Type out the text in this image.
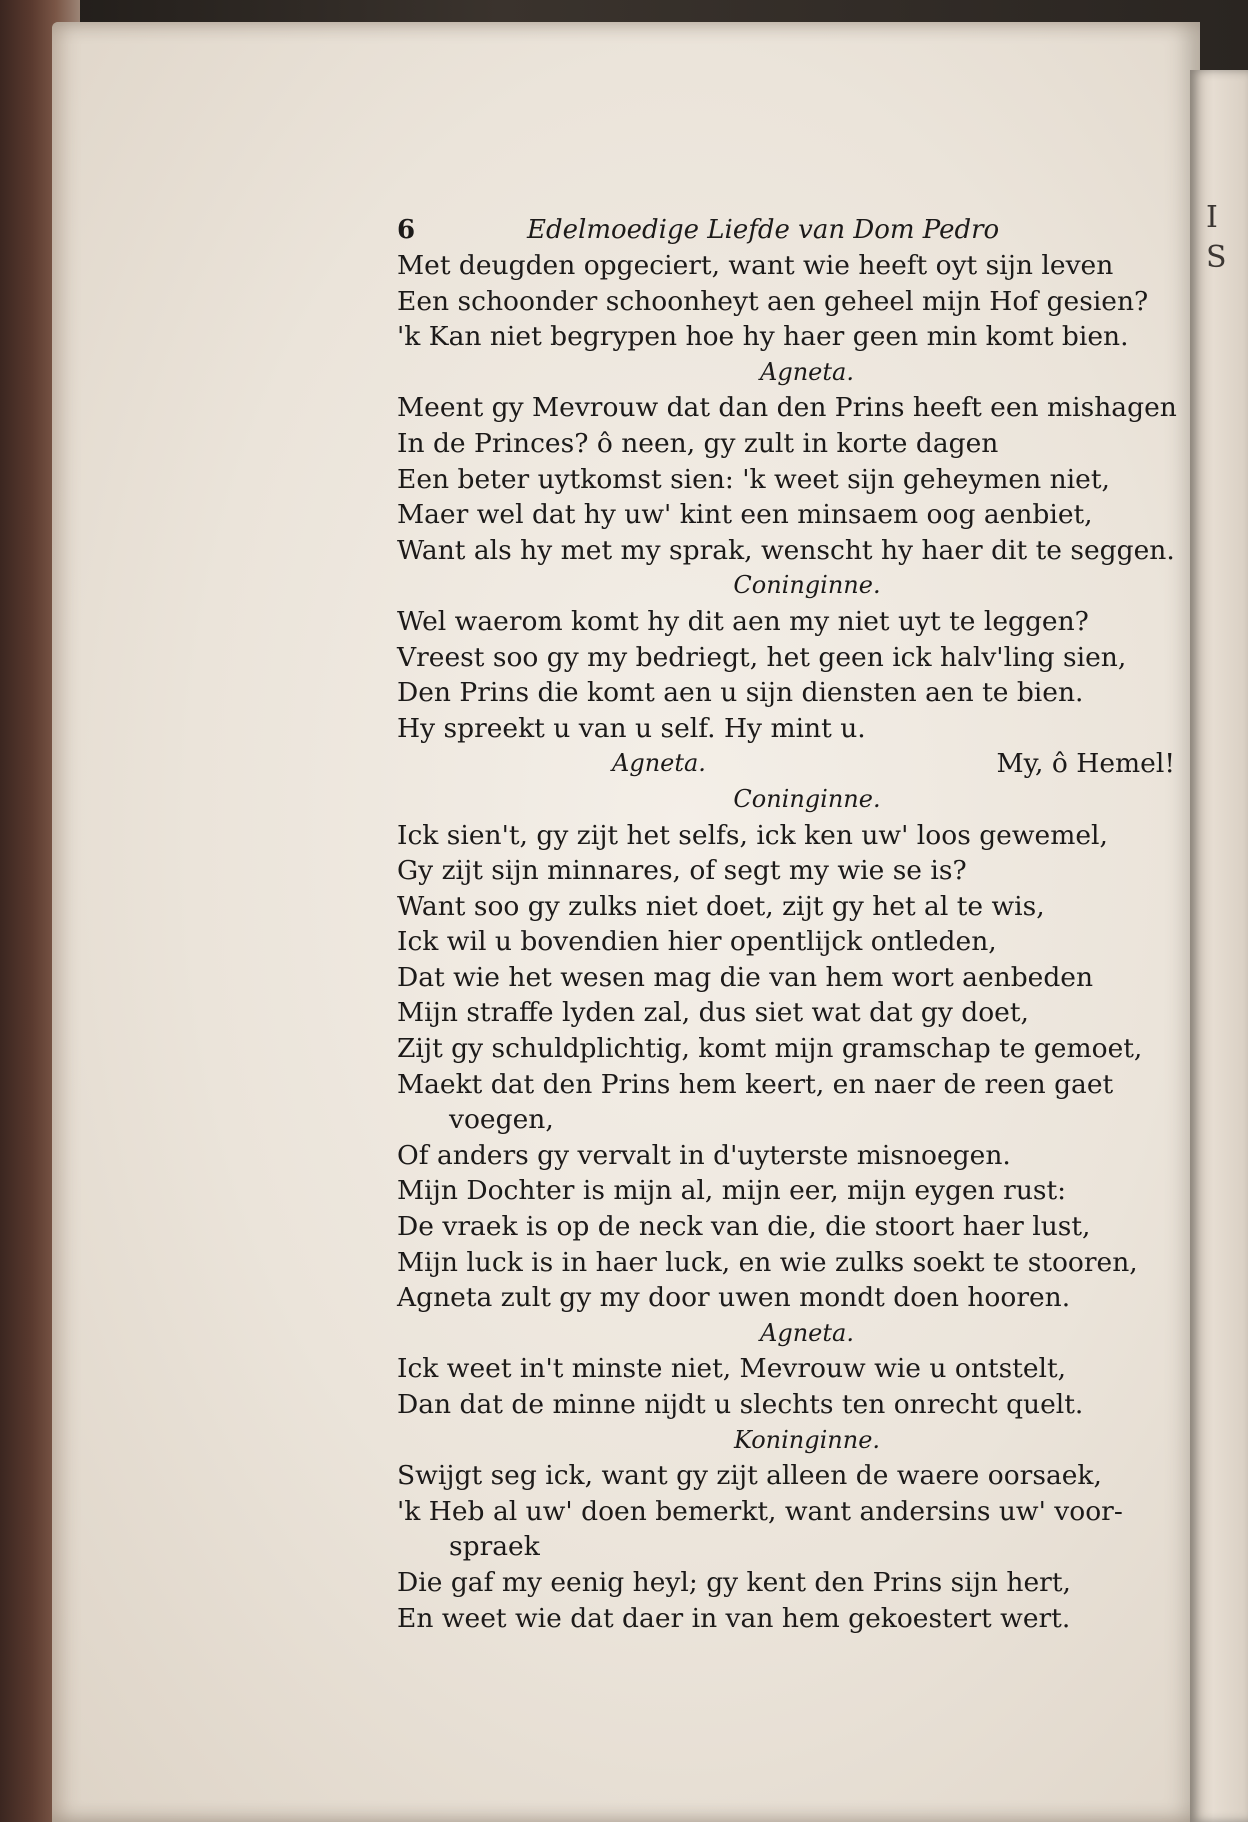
6	Edelmoedige Liefde van Dom Pedro
Met deugden opgeciert, want wie heeft oyt sijn leven
Een schoonder schoonheyt aen geheel mijn Hof gesien?
'k Kan niet begrypen hoe hy haer geen min komt bien.
Agneta.
Meent gy Mevrouw dat dan den Prins heeft een mishagen
In de Princes? ô neen, gy zult in korte dagen
Een beter uytkomst sien: 'k weet sijn geheymen niet,
Maer wel dat hy uw' kint een minsaem oog aenbiet,
Want als hy met my sprak, wenscht hy haer dit te seggen.
Coninginne.
Wel waerom komt hy dit aen my niet uyt te leggen?
Vreest soo gy my bedriegt, het geen ick halv'ling sien,
Den Prins die komt aen u sijn diensten aen te bien.
Hy spreekt u van u self. Hy mint u.
Agneta.	My, ô Hemel!
Coninginne.
Ick sien't, gy zijt het selfs, ick ken uw' loos gewemel,
Gy zijt sijn minnares, of segt my wie se is?
Want soo gy zulks niet doet, zijt gy het al te wis,
Ick wil u bovendien hier opentlijck ontleden,
Dat wie het wesen mag die van hem wort aenbeden
Mijn straffe lyden zal, dus siet wat dat gy doet,
Zijt gy schuldplichtig, komt mijn gramschap te gemoet,
Maekt dat den Prins hem keert, en naer de reen gaet
voegen,
Of anders gy vervalt in d'uyterste misnoegen.
Mijn Dochter is mijn al, mijn eer, mijn eygen rust:
De vraek is op de neck van die, die stoort haer lust,
Mijn luck is in haer luck, en wie zulks soekt te stooren,
Agneta zult gy my door uwen mondt doen hooren.
Agneta.
Ick weet in't minste niet, Mevrouw wie u ontstelt,
Dan dat de minne nijdt u slechts ten onrecht quelt.
Koninginne.
Swijgt seg ick, want gy zijt alleen de waere oorsaek,
'k Heb al uw' doen bemerkt, want andersins uw' voor-
spraek
Die gaf my eenig heyl; gy kent den Prins sijn hert,
En weet wie dat daer in van hem gekoestert wert.
I
S
